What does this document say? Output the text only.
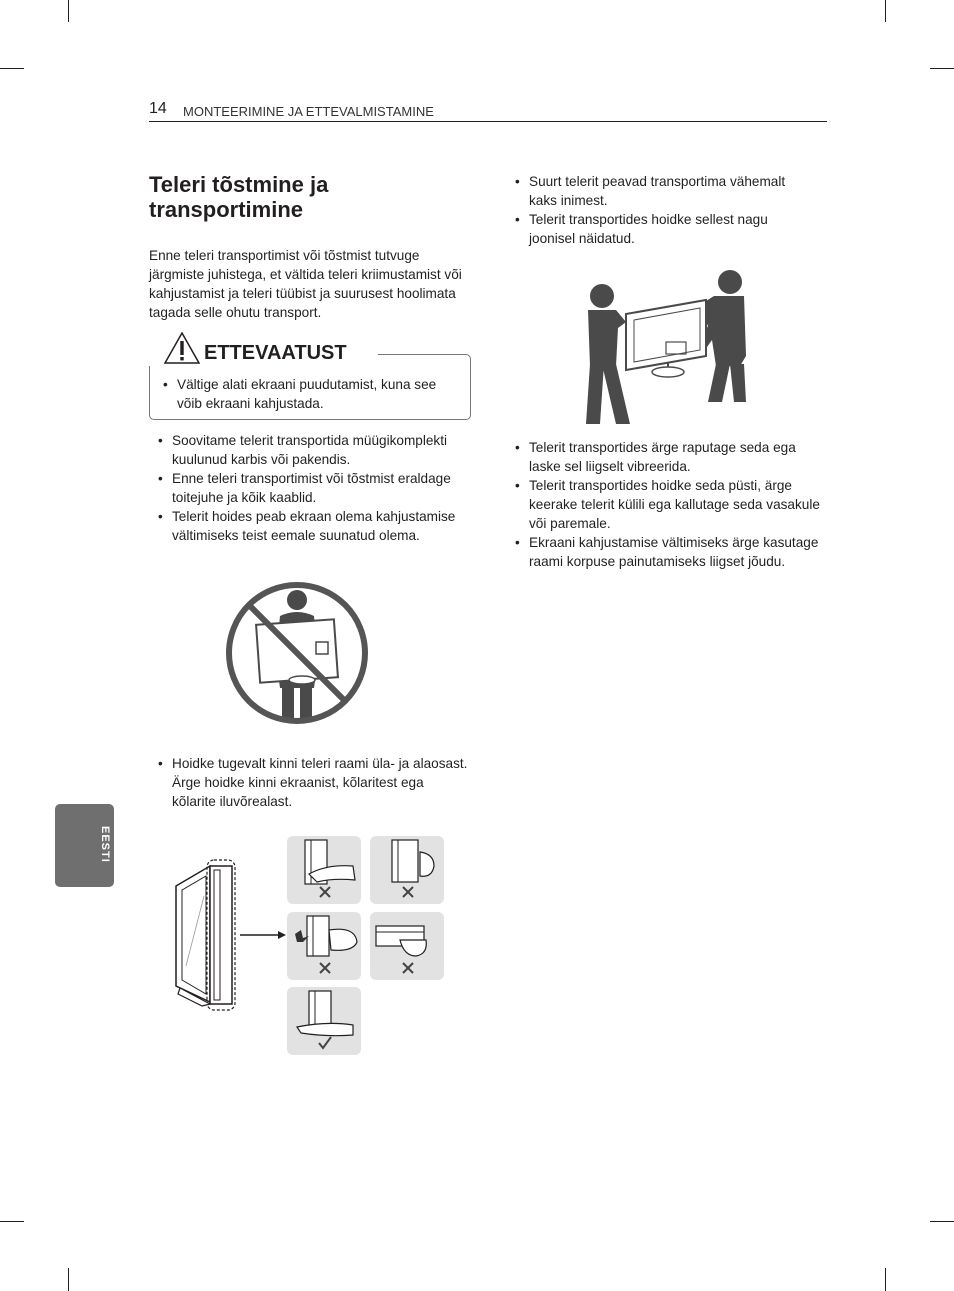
14 MONTEERIMINE JA ETTEVALMISTAMINE
Teleri tõstmine ja transportimine
Enne teleri transportimist või tõstmist tutvuge järgmiste juhistega, et vältida teleri kriimustamist või kahjustamist ja teleri tüübist ja suurusest hoolimata tagada selle ohutu transport.
• Vältige alati ekraani puudutamist, kuna see võib ekraani kahjustada.
ETTEVAATUST
• Soovitame telerit transportida müügikomplekti kuulunud karbis või pakendis.
• Enne teleri transportimist või tõstmist eraldage toitejuhe ja kõik kaablid.
• Telerit hoides peab ekraan olema kahjustamise vältimiseks teist eemale suunatud olema.
• Hoidke tugevalt kinni teleri raami üla- ja alaosast. Ärge hoidke kinni ekraanist, kõlaritest ega kõlarite iluvõrealast.
• Suurt telerit peavad transportima vähemalt kaks inimest.
• Telerit transportides hoidke sellest nagu joonisel näidatud.
• Telerit transportides ärge raputage seda ega laske sel liigselt vibreerida.
• Telerit transportides hoidke seda püsti, ärge keerake telerit külili ega kallutage seda vasakule või paremale.
• Ekraani kahjustamise vältimiseks ärge kasutage raami korpuse painutamiseks liigset jõudu.
EESTI
